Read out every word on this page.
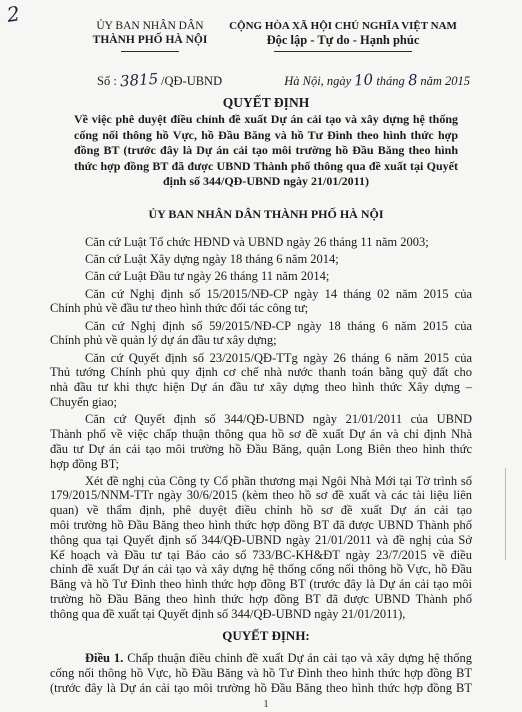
2	ỦY BAN NHÂN DÂN
THÀNH PHỐ HÀ NỘI
CỘNG HÒA XÃ HỘI CHỦ NGHĨA VIỆT NAM
Độc lập - Tự do - Hạnh phúc
Số : 3815 /QĐ-UBND	Hà Nội, ngày 10 tháng 8 năm 2015
QUYẾT ĐỊNH
Về việc phê duyệt điều chỉnh đề xuất Dự án cải tạo và xây dựng hệ thống
cống nối thông hồ Vực, hồ Đầu Băng và hồ Tư Đình theo hình thức hợp
đồng BT (trước đây là Dự án cải tạo môi trường hồ Đầu Băng theo hình
thức hợp đồng BT đã được UBND Thành phố thông qua đề xuất tại Quyết
định số 344/QĐ-UBND ngày 21/01/2011)
ỦY BAN NHÂN DÂN THÀNH PHỐ HÀ NỘI
Căn cứ Luật Tổ chức HĐND và UBND ngày 26 tháng 11 năm 2003;
Căn cứ Luật Xây dựng ngày 18 tháng 6 năm 2014;
Căn cứ Luật Đầu tư ngày 26 tháng 11 năm 2014;
Căn cứ Nghị định số 15/2015/NĐ-CP ngày 14 tháng 02 năm 2015 của
Chính phủ về đầu tư theo hình thức đối tác công tư;
Căn cứ Nghị định số 59/2015/NĐ-CP ngày 18 tháng 6 năm 2015 của
Chính phủ về quản lý dự án đầu tư xây dựng;
Căn cứ Quyết định số 23/2015/QĐ-TTg ngày 26 tháng 6 năm 2015 của
Thủ tướng Chính phủ quy định cơ chế nhà nước thanh toán bằng quỹ đất cho
nhà đầu tư khi thực hiện Dự án đầu tư xây dựng theo hình thức Xây dựng –
Chuyển giao;
Căn cứ Quyết định số 344/QĐ-UBND ngày 21/01/2011 của UBND
Thành phố về việc chấp thuận thông qua hồ sơ đề xuất Dự án và chỉ định Nhà
đầu tư Dự án cải tạo môi trường hồ Đầu Băng, quận Long Biên theo hình thức
hợp đồng BT;
Xét đề nghị của Công ty Cổ phần thương mại Ngôi Nhà Mới tại Tờ trình số
179/2015/NNM-TTr ngày 30/6/2015 (kèm theo hồ sơ đề xuất và các tài liệu liên
quan) về thẩm định, phê duyệt điều chỉnh hồ sơ đề xuất Dự án cải tạo
môi trường hồ Đầu Băng theo hình thức hợp đồng BT đã được UBND Thành phố
thông qua tại Quyết định số 344/QĐ-UBND ngày 21/01/2011 và đề nghị của Sở
Kế hoạch và Đầu tư tại Báo cáo số 733/BC-KH&ĐT ngày 23/7/2015 về điều
chỉnh đề xuất Dự án cải tạo và xây dựng hệ thống cống nối thông hồ Vực, hồ Đầu
Băng và hồ Tư Đình theo hình thức hợp đồng BT (trước đây là Dự án cải tạo môi
trường hồ Đầu Băng theo hình thức hợp đồng BT đã được UBND Thành phố
thông qua đề xuất tại Quyết định số 344/QĐ-UBND ngày 21/01/2011),
QUYẾT ĐỊNH:
Điều 1. Chấp thuận điều chỉnh đề xuất Dự án cải tạo và xây dựng hệ thống
cống nối thông hồ Vực, hồ Đầu Băng và hồ Tư Đình theo hình thức hợp đồng BT
(trước đây là Dự án cải tạo môi trường hồ Đầu Băng theo hình thức hợp đồng BT
1
